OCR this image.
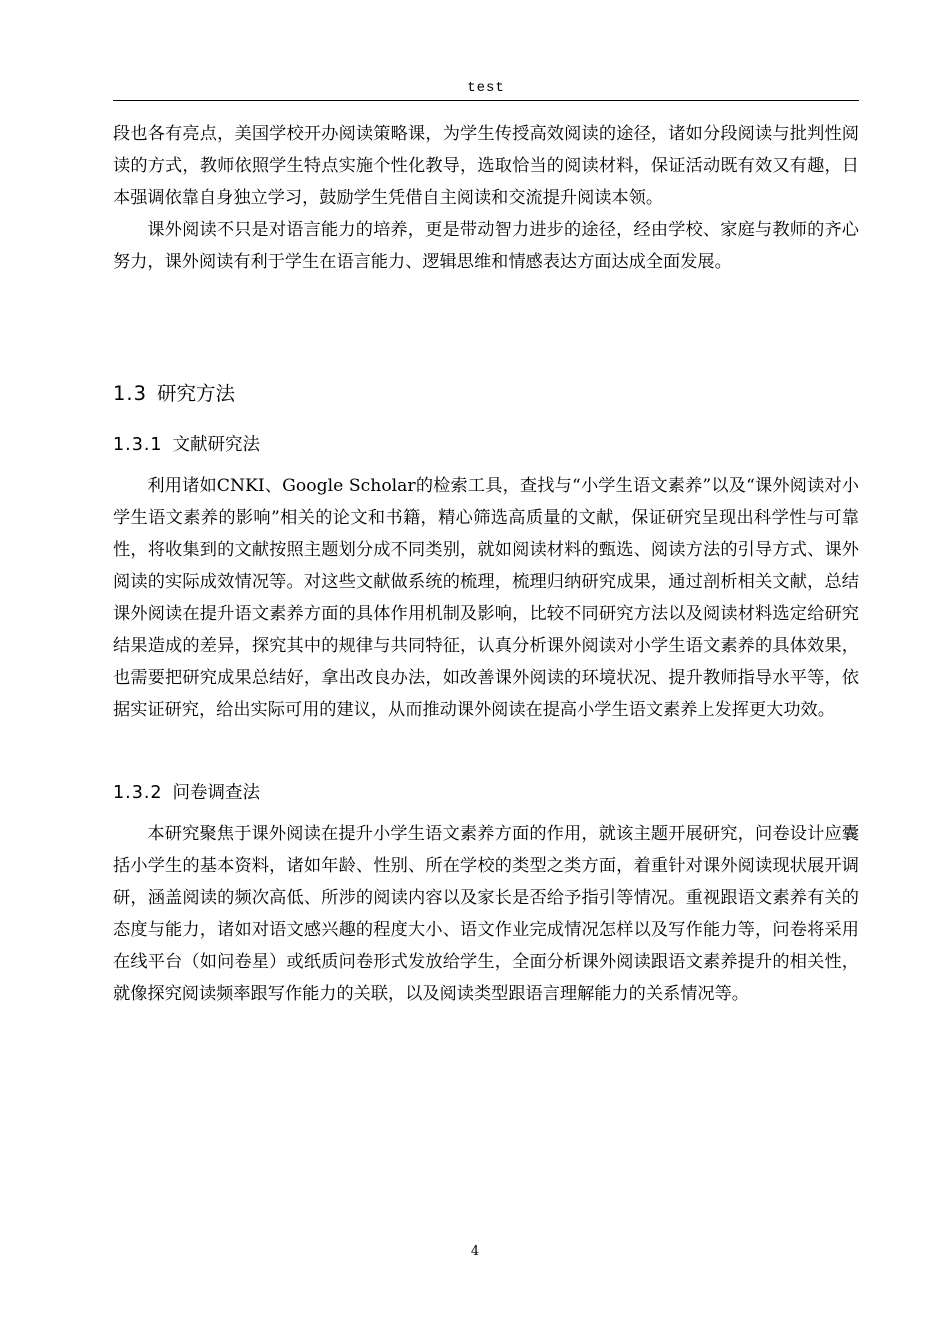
test

段也各有亮点，美国学校开办阅读策略课，为学生传授高效阅读的途径，诸如分段阅读与批判性阅读的方式，教师依照学生特点实施个性化教导，选取恰当的阅读材料，保证活动既有效又有趣，日本强调依靠自身独立学习，鼓励学生凭借自主阅读和交流提升阅读本领。

课外阅读不只是对语言能力的培养，更是带动智力进步的途径，经由学校、家庭与教师的齐心努力，课外阅读有利于学生在语言能力、逻辑思维和情感表达方面达成全面发展。

1.3 研究方法
1.3.1 文献研究法

利用诸如CNKI、Google Scholar的检索工具，查找与“小学生语文素养”以及“课外阅读对小学生语文素养的影响”相关的论文和书籍，精心筛选高质量的文献，保证研究呈现出科学性与可靠性，将收集到的文献按照主题划分成不同类别，就如阅读材料的甄选、阅读方法的引导方式、课外阅读的实际成效情况等。对这些文献做系统的梳理，梳理归纳研究成果，通过剖析相关文献，总结课外阅读在提升语文素养方面的具体作用机制及影响，比较不同研究方法以及阅读材料选定给研究结果造成的差异，探究其中的规律与共同特征，认真分析课外阅读对小学生语文素养的具体效果，也需要把研究成果总结好，拿出改良办法，如改善课外阅读的环境状况、提升教师指导水平等，依据实证研究，给出实际可用的建议，从而推动课外阅读在提高小学生语文素养上发挥更大功效。

1.3.2 问卷调查法

本研究聚焦于课外阅读在提升小学生语文素养方面的作用，就该主题开展研究，问卷设计应囊括小学生的基本资料，诸如年龄、性别、所在学校的类型之类方面，着重针对课外阅读现状展开调研，涵盖阅读的频次高低、所涉的阅读内容以及家长是否给予指引等情况。重视跟语文素养有关的态度与能力，诸如对语文感兴趣的程度大小、语文作业完成情况怎样以及写作能力等，问卷将采用在线平台（如问卷星）或纸质问卷形式发放给学生，全面分析课外阅读跟语文素养提升的相关性，就像探究阅读频率跟写作能力的关联，以及阅读类型跟语言理解能力的关系情况等。

4
